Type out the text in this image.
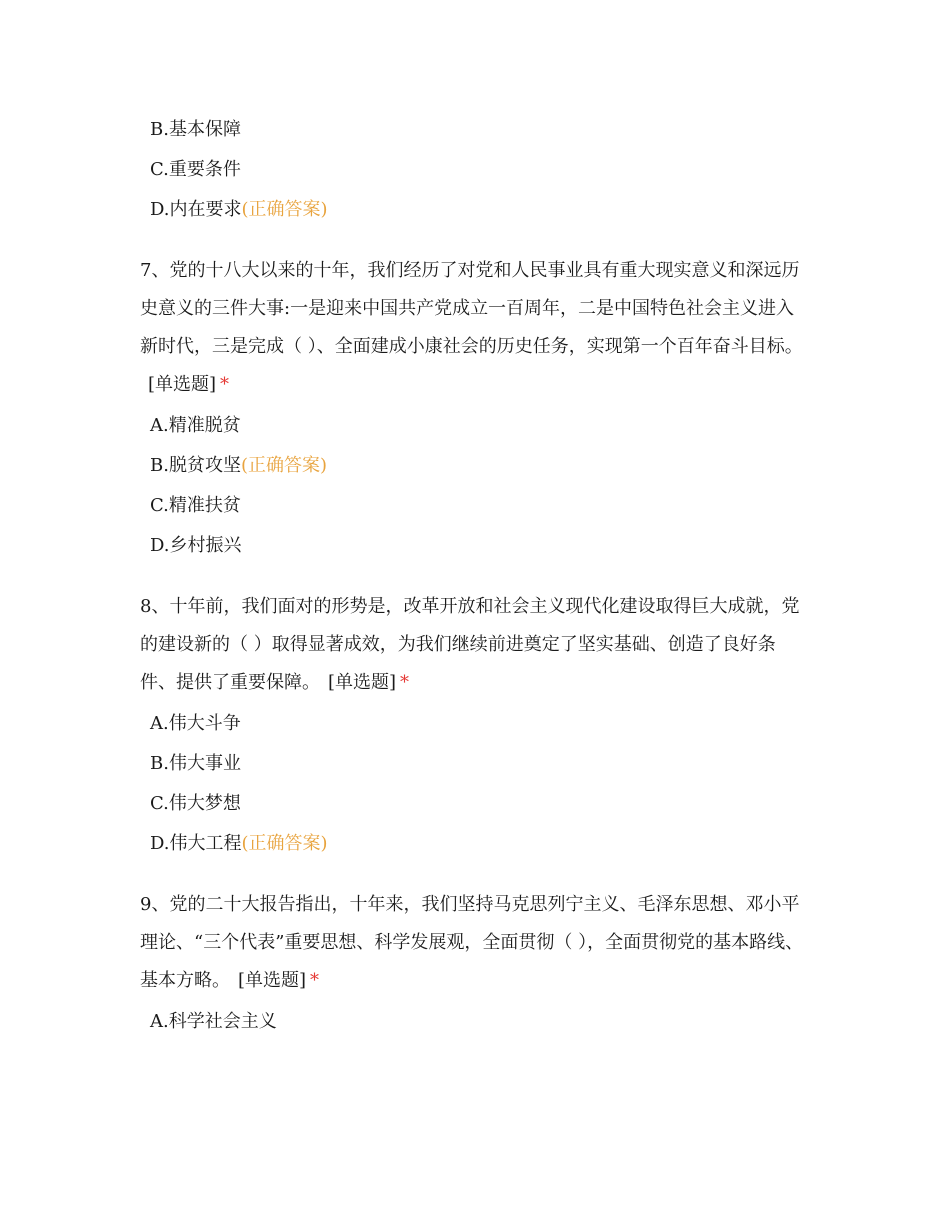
B.基本保障
C.重要条件
D.内在要求(正确答案)
7、党的十八大以来的十年，我们经历了对党和人民事业具有重大现实意义和深远历史意义的三件大事:一是迎来中国共产党成立一百周年，二是中国特色社会主义进入新时代，三是完成（ ）、全面建成小康社会的历史任务，实现第一个百年奋斗目标。[单选题] *
A.精准脱贫
B.脱贫攻坚(正确答案)
C.精准扶贫
D.乡村振兴
8、十年前，我们面对的形势是，改革开放和社会主义现代化建设取得巨大成就，党的建设新的（ ）取得显著成效，为我们继续前进奠定了坚实基础、创造了良好条件、提供了重要保障。 [单选题] *
A.伟大斗争
B.伟大事业
C.伟大梦想
D.伟大工程(正确答案)
9、党的二十大报告指出，十年来，我们坚持马克思列宁主义、毛泽东思想、邓小平理论、“三个代表”重要思想、科学发展观，全面贯彻（ ），全面贯彻党的基本路线、基本方略。 [单选题] *
A.科学社会主义
